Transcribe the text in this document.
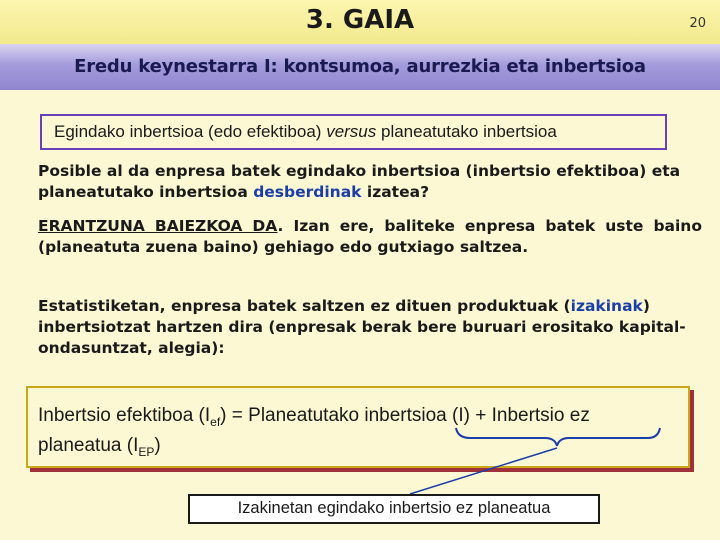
3. GAIA	20
Eredu keynestarra I: kontsumoa, aurrezkia eta inbertsioa
Egindako inbertsioa (edo efektiboa) versus planeatutako inbertsioa
Posible al da enpresa batek egindako inbertsioa (inbertsio efektiboa) eta planeatutako inbertsioa desberdinak izatea?
ERANTZUNA BAIEZKOA DA. Izan ere, baliteke enpresa batek uste baino (planeatuta zuena baino) gehiago edo gutxiago saltzea.
Estatistiketan, enpresa batek saltzen ez dituen produktuak (izakinak) inbertsiotzat hartzen dira (enpresak berak bere buruari erositako kapital-ondasuntzat, alegia):
Inbertsio efektiboa $(I_{ef})$ = Planeatutako inbertsioa (I) + Inbertsio ez planeatua $(I_{EP})$
Izakinetan egindako inbertsio ez planeatua
